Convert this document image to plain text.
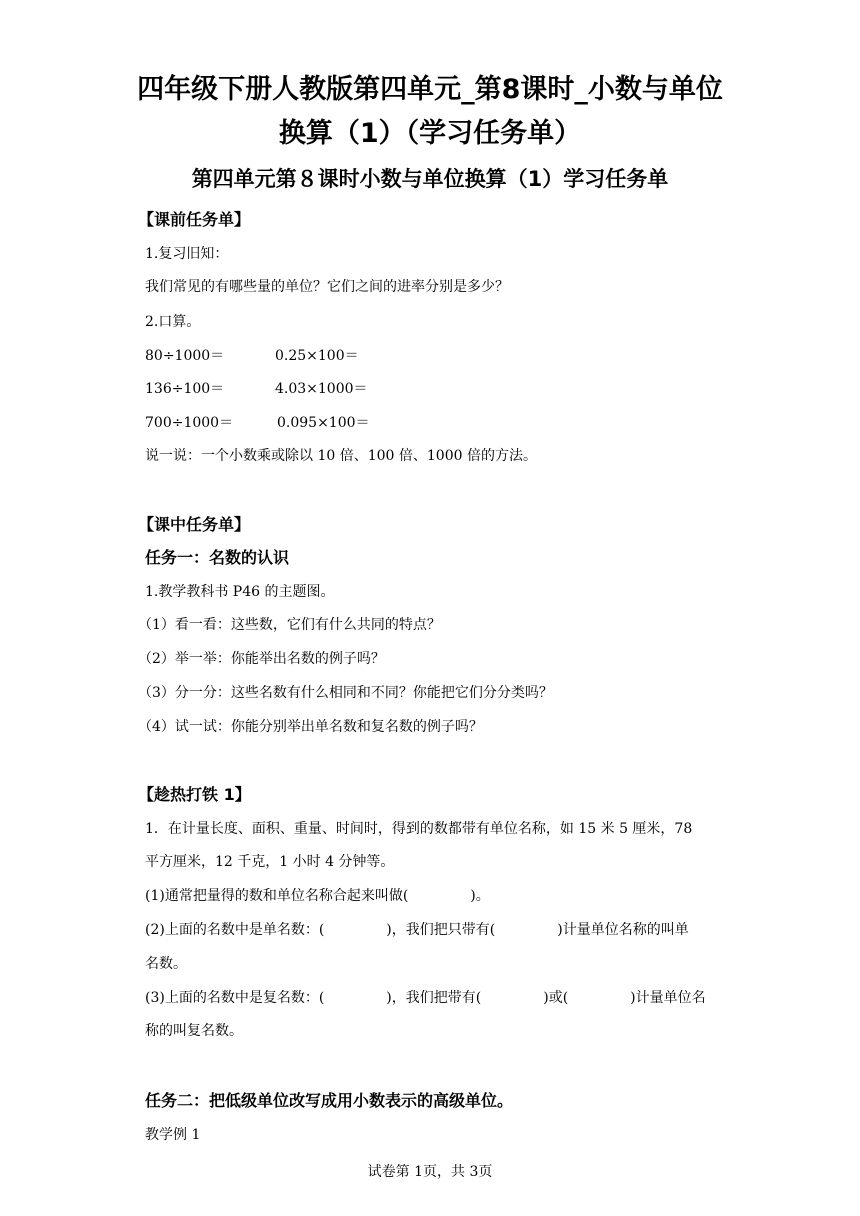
四年级下册人教版第四单元_第8课时_小数与单位
换算（1）（学习任务单）
第四单元第８课时小数与单位换算（1）学习任务单
【课前任务单】

1.复习旧知：

我们常见的有哪些量的单位？它们之间的进率分别是多少？

2.口算。

80÷1000＝	0.25×100＝
136÷100＝	4.03×1000＝
700÷1000＝	0.095×100＝

说一说：一个小数乘或除以 10 倍、100 倍、1000 倍的方法。

【课中任务单】
任务一：名数的认识

1.教学教科书 P46 的主题图。

（1）看一看：这些数，它们有什么共同的特点？

（2）举一举：你能举出名数的例子吗？

（3）分一分：这些名数有什么相同和不同？你能把它们分分类吗？

（4）试一试：你能分别举出单名数和复名数的例子吗？

【趁热打铁 1】

1．在计量长度、面积、重量、时间时，得到的数都带有单位名称，如 15 米 5 厘米，78

平方厘米，12 千克，1 小时 4 分钟等。

(1)通常把量得的数和单位名称合起来叫做(	)。

(2)上面的名数中是单名数：(	)，我们把只带有(	)计量单位名称的叫单

名数。

(3)上面的名数中是复名数：(	)，我们把带有(	)或(	)计量单位名

称的叫复名数。

任务二：把低级单位改写成用小数表示的高级单位。

教学例 1

试卷第 1页，共 3页
